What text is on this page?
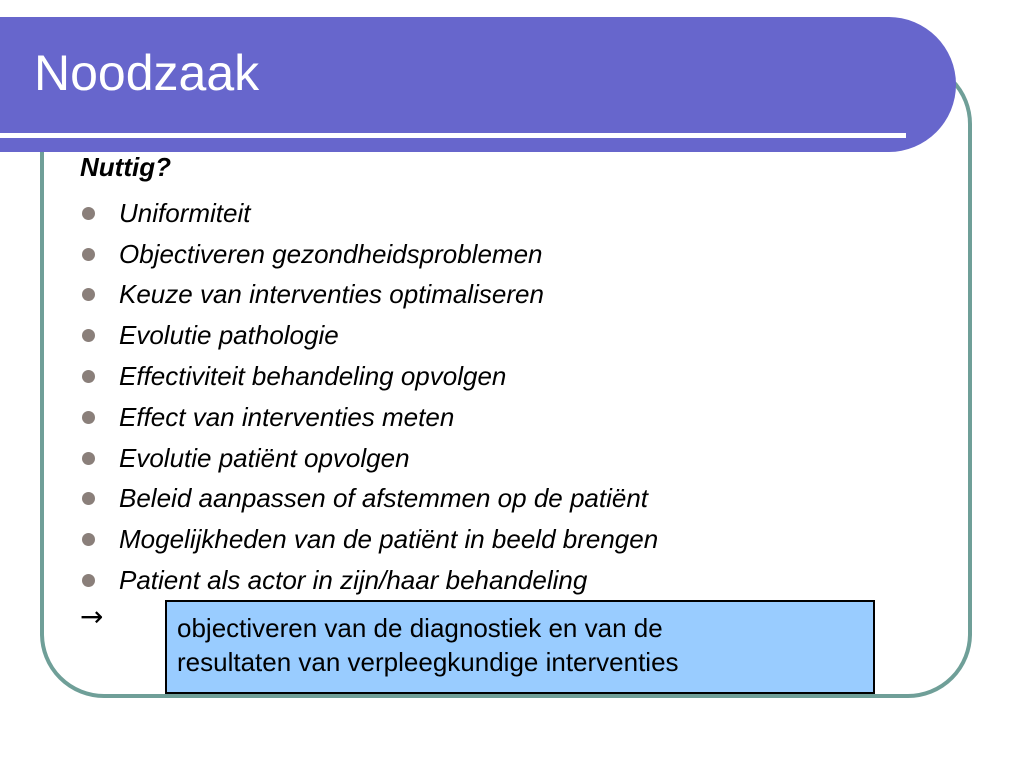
Noodzaak
Nuttig?
Uniformiteit
Objectiveren gezondheidsproblemen
Keuze van interventies optimaliseren
Evolutie pathologie
Effectiviteit behandeling opvolgen
Effect van interventies meten
Evolutie patiënt opvolgen
Beleid aanpassen of afstemmen op de patiënt
Mogelijkheden van de patiënt in beeld brengen
Patient als actor in zijn/haar behandeling
→	objectiveren van de diagnostiek en van de
resultaten van verpleegkundige interventies
